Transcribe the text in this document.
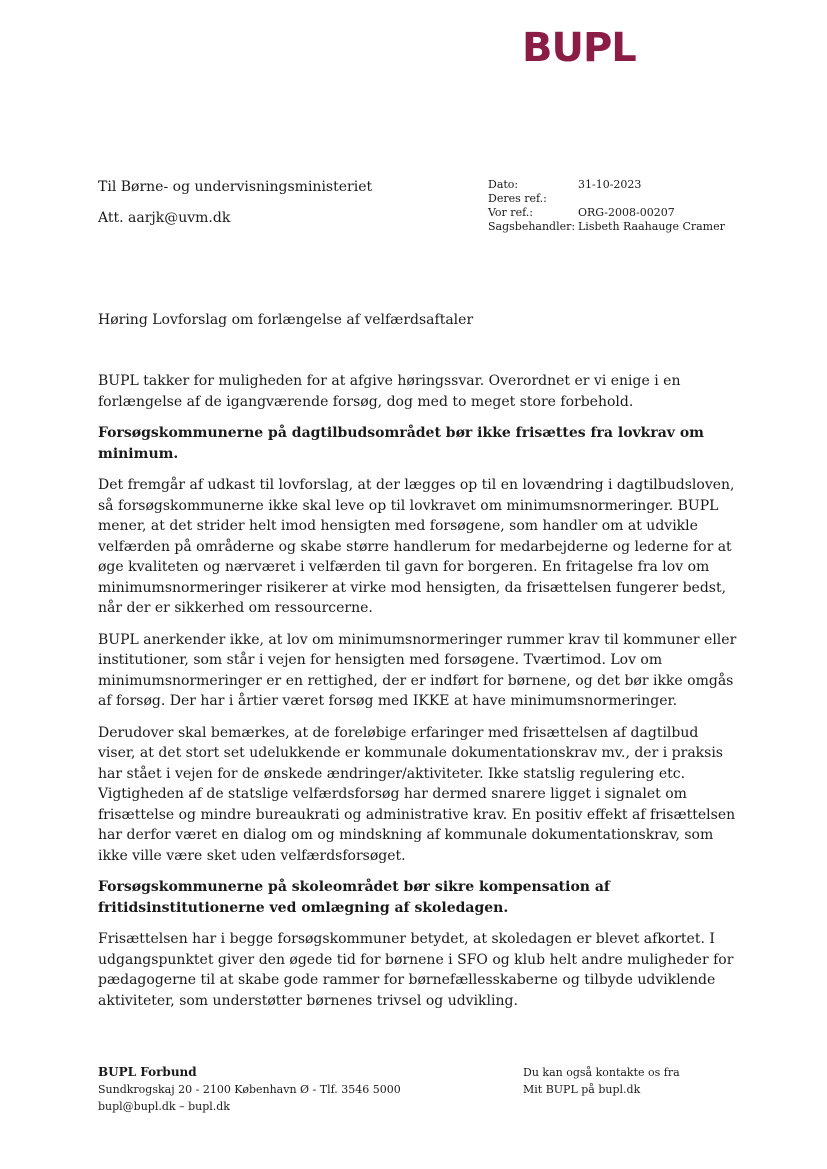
BUPL
Til Børne- og undervisningsministeriet
Att. aarjk@uvm.dk
Dato:	31-10-2023
Deres ref.:
Vor ref.:	ORG-2008-00207
Sagsbehandler: Lisbeth Raahauge Cramer
Høring Lovforslag om forlængelse af velfærdsaftaler

BUPL takker for muligheden for at afgive høringssvar. Overordnet er vi enige i en forlængelse af de igangværende forsøg, dog med to meget store forbehold.

Forsøgskommunerne på dagtilbudsområdet bør ikke frisættes fra lovkrav om minimum.

Det fremgår af udkast til lovforslag, at der lægges op til en lovændring i dagtilbudsloven, så forsøgskommunerne ikke skal leve op til lovkravet om minimumsnormeringer. BUPL mener, at det strider helt imod hensigten med forsøgene, som handler om at udvikle velfærden på områderne og skabe større handlerum for medarbejderne og lederne for at øge kvaliteten og nærværet i velfærden til gavn for borgeren. En fritagelse fra lov om minimumsnormeringer risikerer at virke mod hensigten, da frisættelsen fungerer bedst, når der er sikkerhed om ressourcerne.

BUPL anerkender ikke, at lov om minimumsnormeringer rummer krav til kommuner eller institutioner, som står i vejen for hensigten med forsøgene. Tværtimod. Lov om minimumsnormeringer er en rettighed, der er indført for børnene, og det bør ikke omgås af forsøg. Der har i årtier været forsøg med IKKE at have minimumsnormeringer.

Derudover skal bemærkes, at de foreløbige erfaringer med frisættelsen af dagtilbud viser, at det stort set udelukkende er kommunale dokumentationskrav mv., der i praksis har stået i vejen for de ønskede ændringer/aktiviteter. Ikke statslig regulering etc. Vigtigheden af de statslige velfærdsforsøg har dermed snarere ligget i signalet om frisættelse og mindre bureaukrati og administrative krav. En positiv effekt af frisættelsen har derfor været en dialog om og mindskning af kommunale dokumentationskrav, som ikke ville være sket uden velfærdsforsøget.

Forsøgskommunerne på skoleområdet bør sikre kompensation af fritidsinstitutionerne ved omlægning af skoledagen.

Frisættelsen har i begge forsøgskommuner betydet, at skoledagen er blevet afkortet. I udgangspunktet giver den øgede tid for børnene i SFO og klub helt andre muligheder for pædagogerne til at skabe gode rammer for børnefællesskaberne og tilbyde udviklende aktiviteter, som understøtter børnenes trivsel og udvikling.

BUPL Forbund
Sundkrogskaj 20 - 2100 København Ø - Tlf. 3546 5000
bupl@bupl.dk – bupl.dk
Du kan også kontakte os fra
Mit BUPL på bupl.dk
